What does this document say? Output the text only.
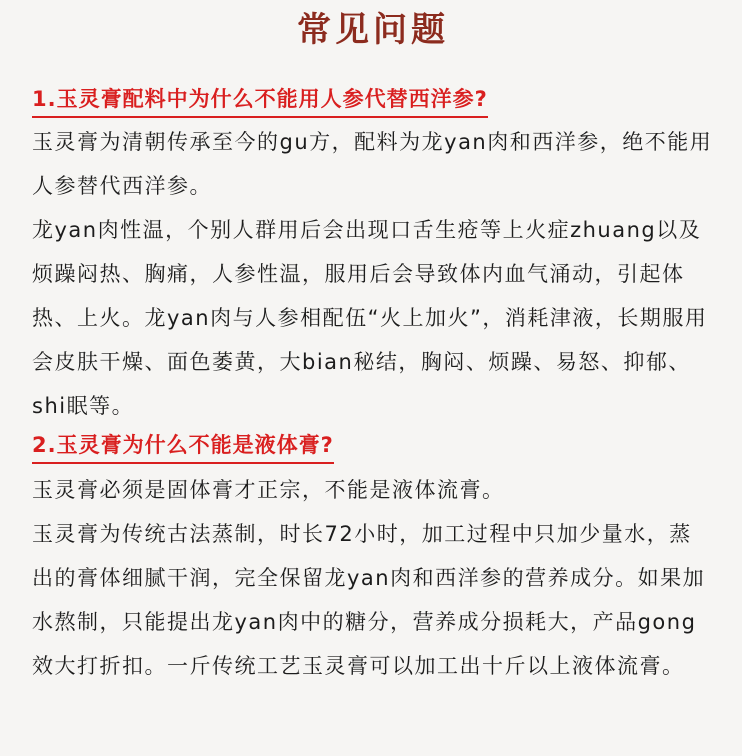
常见问题
1.玉灵膏配料中为什么不能用人参代替西洋参?

玉灵膏为清朝传承至今的gu方，配料为龙yan肉和西洋参，绝不能用人参替代西洋参。

龙yan肉性温，个别人群用后会出现口舌生疮等上火症zhuang以及烦躁闷热、胸痛，人参性温，服用后会导致体内血气涌动，引起体热、上火。龙yan肉与人参相配伍“火上加火”，消耗津液，长期服用会皮肤干燥、面色萎黄，大bian秘结，胸闷、烦躁、易怒、抑郁、shi眠等。

2.玉灵膏为什么不能是液体膏?

玉灵膏必须是固体膏才正宗，不能是液体流膏。

玉灵膏为传统古法蒸制，时长72小时，加工过程中只加少量水，蒸出的膏体细腻干润，完全保留龙yan肉和西洋参的营养成分。如果加水熬制，只能提出龙yan肉中的糖分，营养成分损耗大，产品gong效大打折扣。一斤传统工艺玉灵膏可以加工出十斤以上液体流膏。
